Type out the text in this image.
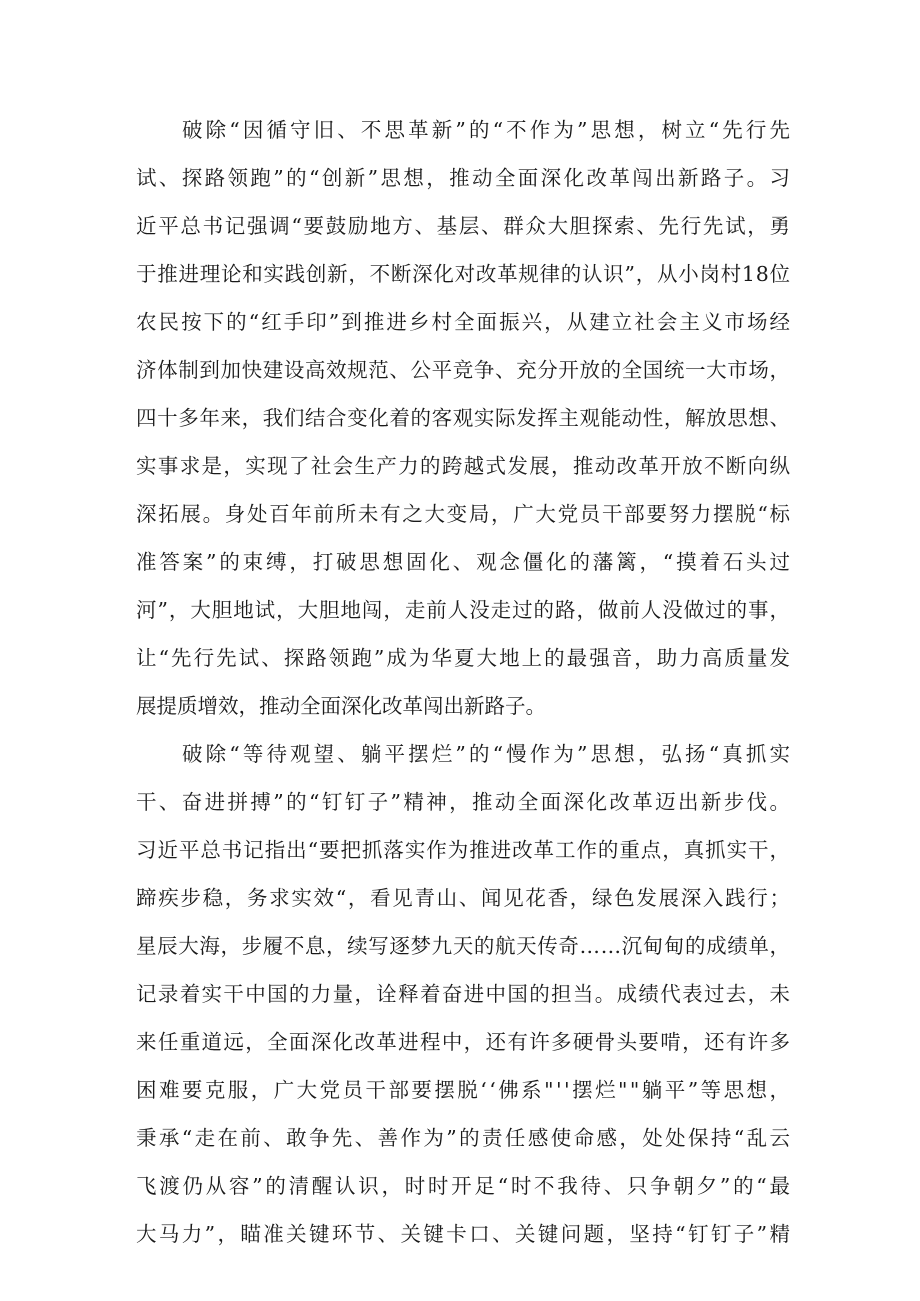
破除“因循守旧、不思革新”的“不作为”思想，树立“先行先
试、探路领跑”的“创新”思想，推动全面深化改革闯出新路子。习
近平总书记强调“要鼓励地方、基层、群众大胆探索、先行先试，勇
于推进理论和实践创新，不断深化对改革规律的认识”，从小岗村18位
农民按下的“红手印”到推进乡村全面振兴，从建立社会主义市场经
济体制到加快建设高效规范、公平竞争、充分开放的全国统一大市场，
四十多年来，我们结合变化着的客观实际发挥主观能动性，解放思想、
实事求是，实现了社会生产力的跨越式发展，推动改革开放不断向纵
深拓展。身处百年前所未有之大变局，广大党员干部要努力摆脱“标
准答案”的束缚，打破思想固化、观念僵化的藩篱，“摸着石头过
河”，大胆地试，大胆地闯，走前人没走过的路，做前人没做过的事，
让“先行先试、探路领跑”成为华夏大地上的最强音，助力高质量发
展提质增效，推动全面深化改革闯出新路子。
破除“等待观望、躺平摆烂”的“慢作为”思想，弘扬“真抓实
干、奋进拼搏”的“钉钉子”精神，推动全面深化改革迈出新步伐。
习近平总书记指出“要把抓落实作为推进改革工作的重点，真抓实干，
蹄疾步稳，务求实效“，看见青山、闻见花香，绿色发展深入践行；
星辰大海，步履不息，续写逐梦九天的航天传奇……沉甸甸的成绩单，
记录着实干中国的力量，诠释着奋进中国的担当。成绩代表过去，未
来任重道远，全面深化改革进程中，还有许多硬骨头要啃，还有许多
困难要克服，广大党员干部要摆脱‘‘佛系"''摆烂""躺平”等思想，
秉承“走在前、敢争先、善作为”的责任感使命感，处处保持“乱云
飞渡仍从容”的清醒认识，时时开足“时不我待、只争朝夕”的“最
大马力”，瞄准关键环节、关键卡口、关键问题，坚持“钉钉子”精
